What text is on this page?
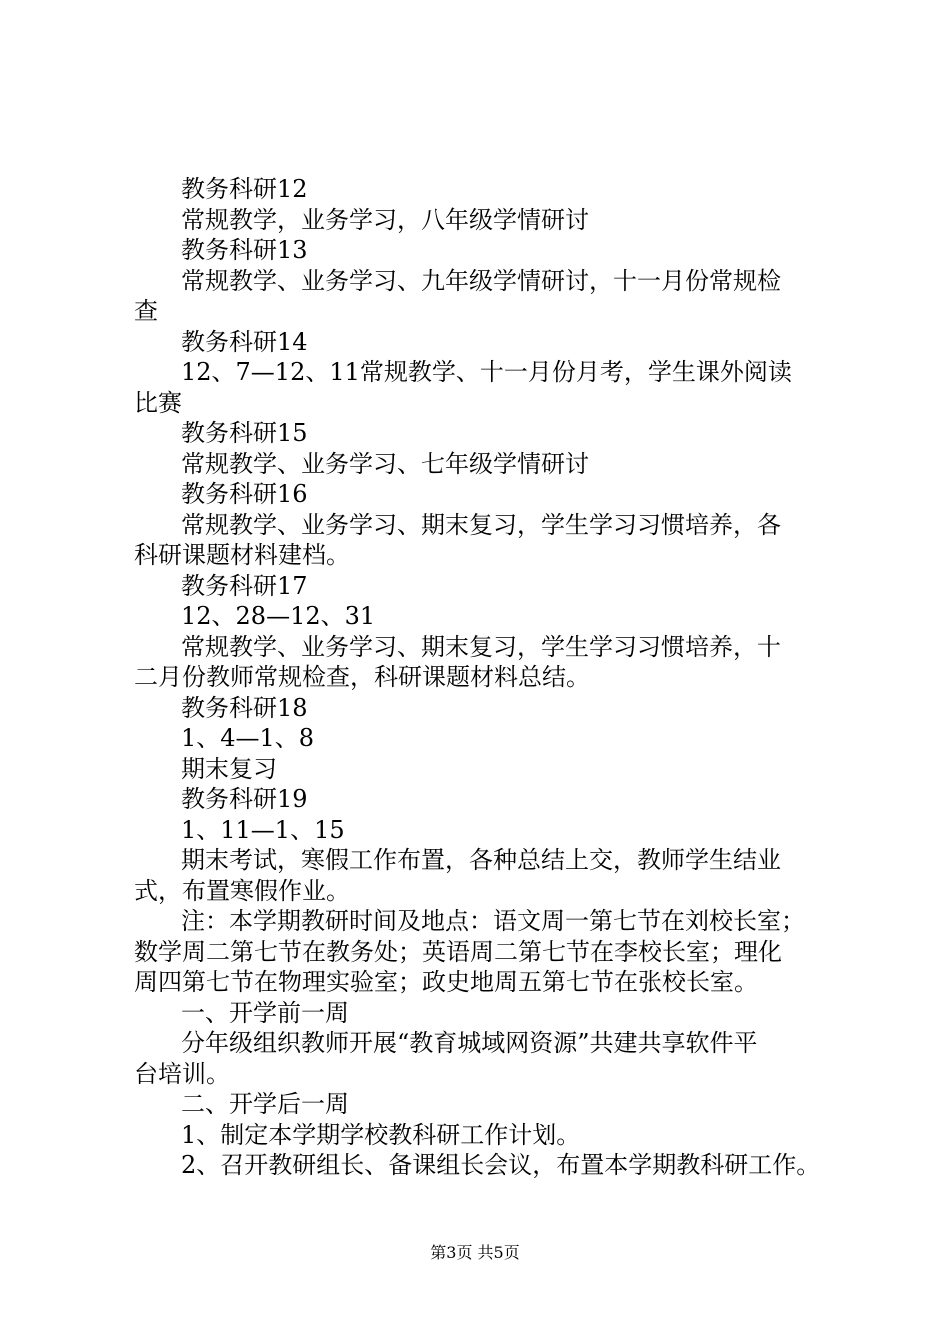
教务科研12
常规教学，业务学习，八年级学情研讨
教务科研13
常规教学、业务学习、九年级学情研讨，十一月份常规检
查
教务科研14
12、7—12、11常规教学、十一月份月考，学生课外阅读
比赛
教务科研15
常规教学、业务学习、七年级学情研讨
教务科研16
常规教学、业务学习、期末复习，学生学习习惯培养，各
科研课题材料建档。
教务科研17
12、28—12、31
常规教学、业务学习、期末复习，学生学习习惯培养，十
二月份教师常规检查，科研课题材料总结。
教务科研18
1、4—1、8
期末复习
教务科研19
1、11—1、15
期末考试，寒假工作布置，各种总结上交，教师学生结业
式，布置寒假作业。
注：本学期教研时间及地点：语文周一第七节在刘校长室；
数学周二第七节在教务处；英语周二第七节在李校长室；理化
周四第七节在物理实验室；政史地周五第七节在张校长室。
一、开学前一周
分年级组织教师开展“教育城域网资源”共建共享软件平
台培训。
二、开学后一周
1、制定本学期学校教科研工作计划。
2、召开教研组长、备课组长会议，布置本学期教科研工作。
第3页 共5页
